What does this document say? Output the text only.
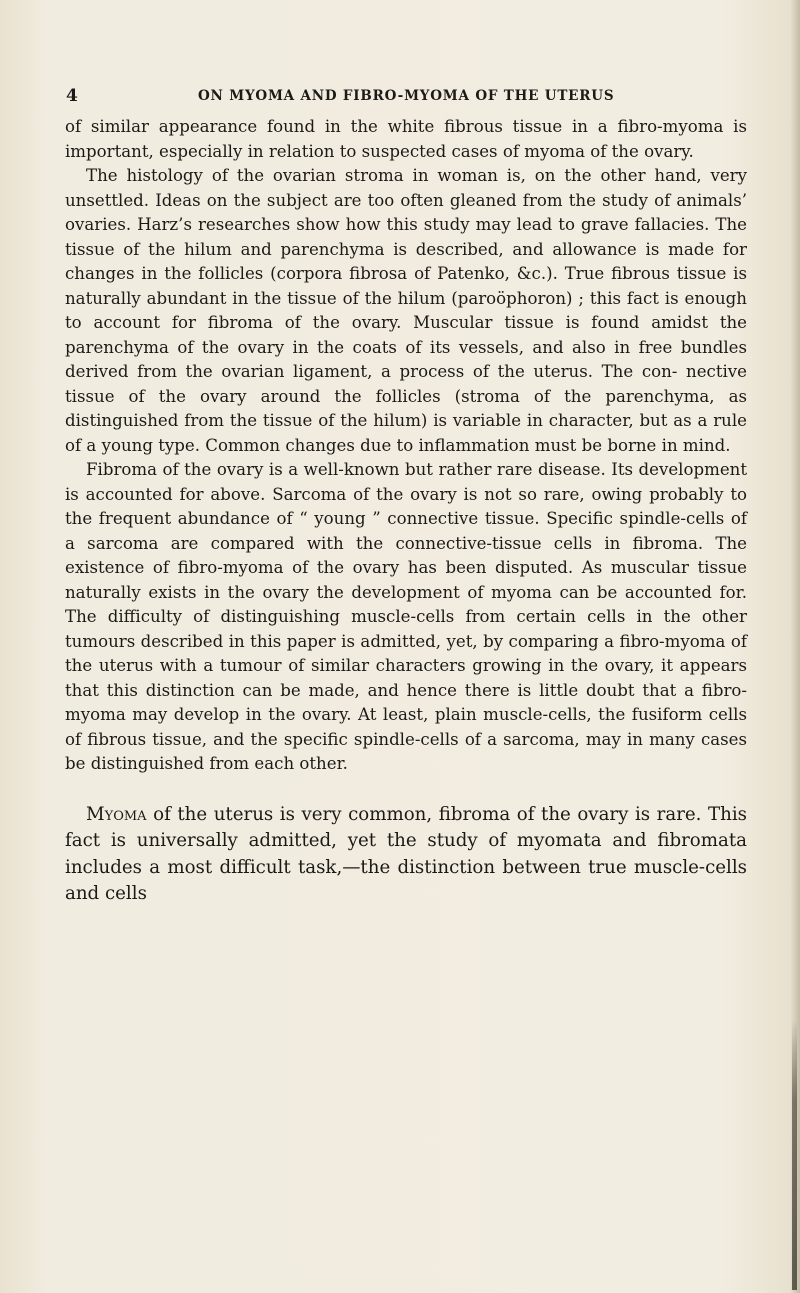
4	ON MYOMA AND FIBRO-MYOMA OF THE UTERUS

of similar appearance found in the white fibrous tissue in a fibro-myoma is important, especially in relation to suspected cases of myoma of the ovary.

The histology of the ovarian stroma in woman is, on the other hand, very unsettled. Ideas on the subject are too often gleaned from the study of animals’ ovaries. Harz’s researches show how this study may lead to grave fallacies. The tissue of the hilum and parenchyma is described, and allowance is made for changes in the follicles (corpora fibrosa of Patenko, &c.). True fibrous tissue is naturally abundant in the tissue of the hilum (paroöphoron) ; this fact is enough to account for fibroma of the ovary. Muscular tissue is found amidst the parenchyma of the ovary in the coats of its vessels, and also in free bundles derived from the ovarian ligament, a process of the uterus. The con- nective tissue of the ovary around the follicles (stroma of the parenchyma, as distinguished from the tissue of the hilum) is variable in character, but as a rule of a young type. Common changes due to inflammation must be borne in mind.

Fibroma of the ovary is a well-known but rather rare disease. Its development is accounted for above. Sarcoma of the ovary is not so rare, owing probably to the frequent abundance of “ young ” connective tissue. Specific spindle-cells of a sarcoma are compared with the connective-tissue cells in fibroma. The existence of fibro-myoma of the ovary has been disputed. As muscular tissue naturally exists in the ovary the development of myoma can be accounted for. The difficulty of distinguishing muscle-cells from certain cells in the other tumours described in this paper is admitted, yet, by comparing a fibro-myoma of the uterus with a tumour of similar characters growing in the ovary, it appears that this distinction can be made, and hence there is little doubt that a fibro-myoma may develop in the ovary. At least, plain muscle-cells, the fusiform cells of fibrous tissue, and the specific spindle-cells of a sarcoma, may in many cases be distinguished from each other.

Myoma of the uterus is very common, fibroma of the ovary is rare. This fact is universally admitted, yet the study of myomata and fibromata includes a most difficult task,—the distinction between true muscle-cells and cells
